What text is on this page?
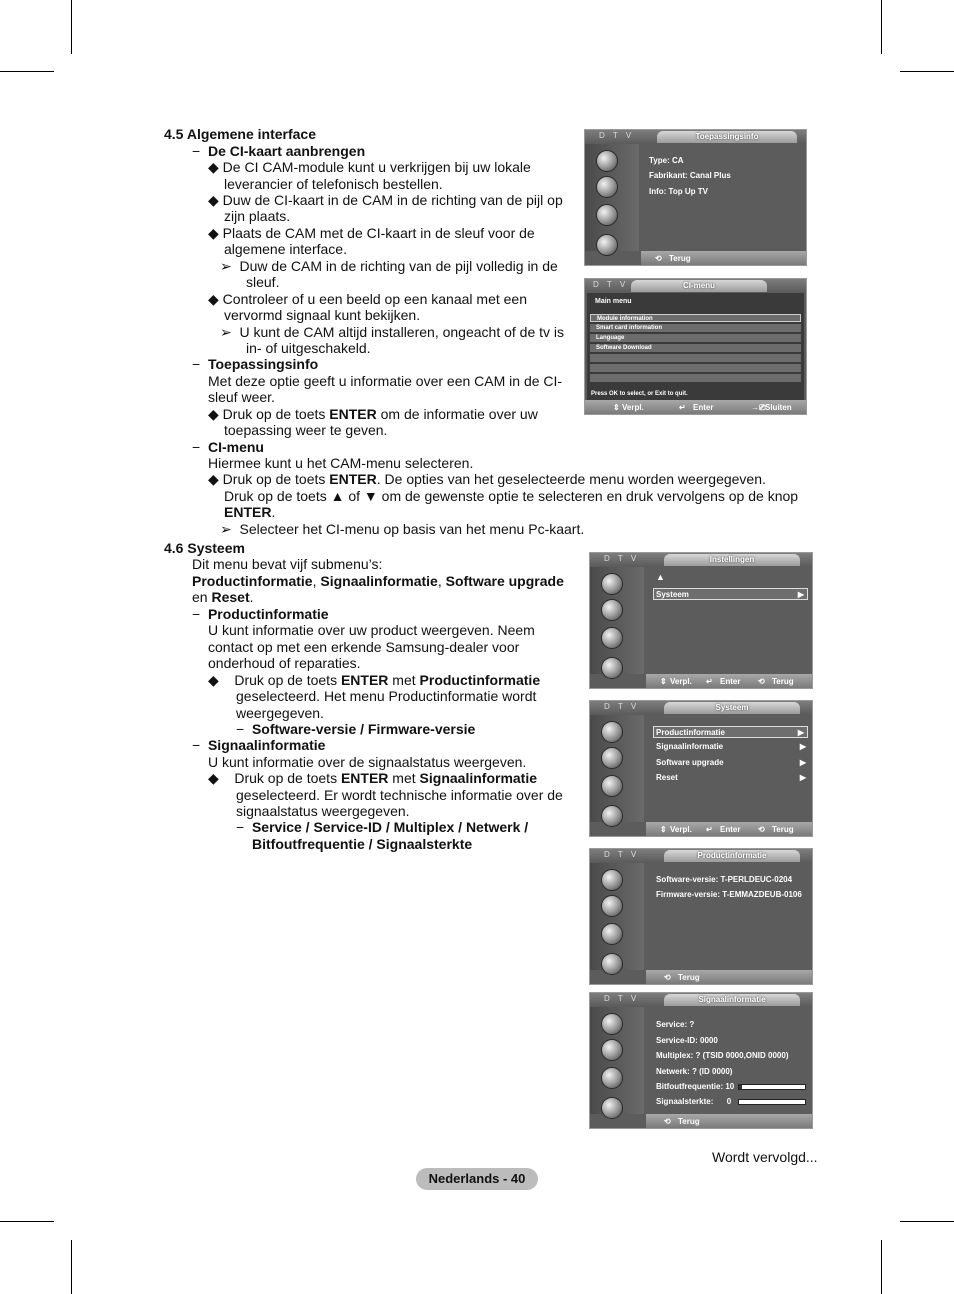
4.5 Algemene interface
− De CI-kaart aanbrengen
◆ De CI CAM-module kunt u verkrijgen bij uw lokale
leverancier of telefonisch bestellen.
◆ Duw de CI-kaart in de CAM in de richting van de pijl op
zijn plaats.
◆ Plaats de CAM met de CI-kaart in de sleuf voor de
algemene interface.
➢ Duw de CAM in de richting van de pijl volledig in de
sleuf.
◆ Controleer of u een beeld op een kanaal met een
vervormd signaal kunt bekijken.
➢ U kunt de CAM altijd installeren, ongeacht of de tv is
in- of uitgeschakeld.
− Toepassingsinfo
Met deze optie geeft u informatie over een CAM in de CI-
sleuf weer.
◆ Druk op de toets ENTER om de informatie over uw
toepassing weer te geven.
− CI-menu
Hiermee kunt u het CAM-menu selecteren.
◆ Druk op de toets ENTER. De opties van het geselecteerde menu worden weergegeven.
Druk op de toets ▲ of ▼ om de gewenste optie te selecteren en druk vervolgens op de knop
ENTER.
➢ Selecteer het CI-menu op basis van het menu Pc-kaart.
4.6 Systeem
Dit menu bevat vijf submenu’s:
Productinformatie, Signaalinformatie, Software upgrade
en Reset.
− Productinformatie
U kunt informatie over uw product weergeven. Neem
contact op met een erkende Samsung-dealer voor
onderhoud of reparaties.
◆ Druk op de toets ENTER met Productinformatie
geselecteerd. Het menu Productinformatie wordt
weergegeven.
− Software-versie / Firmware-versie
− Signaalinformatie
U kunt informatie over de signaalstatus weergeven.
◆ Druk op de toets ENTER met Signaalinformatie
geselecteerd. Er wordt technische informatie over de
signaalstatus weergegeven.
− Service / Service-ID / Multiplex / Netwerk /
Bitfoutfrequentie / Signaalsterkte
Wordt vervolgd...
D T V	Toepassingsinfo
Type: CA
Fabrikant: Canal Plus
Info: Top Up TV
⟲ Terug
D T V	CI-menu
Main menu
Module information
Smart card information
Language
Software Download
Press OK to select, or Exit to quit.
⇕ Verpl.	↵ Enter	→⎚ Sluiten
D T V	Instellingen
▲
Systeem	▶
⇕ Verpl. ↵ Enter ⟲ Terug
D T V	Systeem
Productinformatie	▶
Signaalinformatie	▶
Software upgrade	▶
Reset	▶
⇕ Verpl. ↵ Enter ⟲ Terug
D T V	Productinformatie
Software-versie: T-PERLDEUC-0204
Firmware-versie: T-EMMAZDEUB-0106
⟲ Terug
D T V	Signaalinformatie
Service: ?
Service-ID: 0000
Multiplex: ? (TSID 0000,ONID 0000)
Netwerk: ? (ID 0000)
Bitfoutfrequentie: 10
Signaalsterkte:      0
⟲ Terug
Nederlands - 40
